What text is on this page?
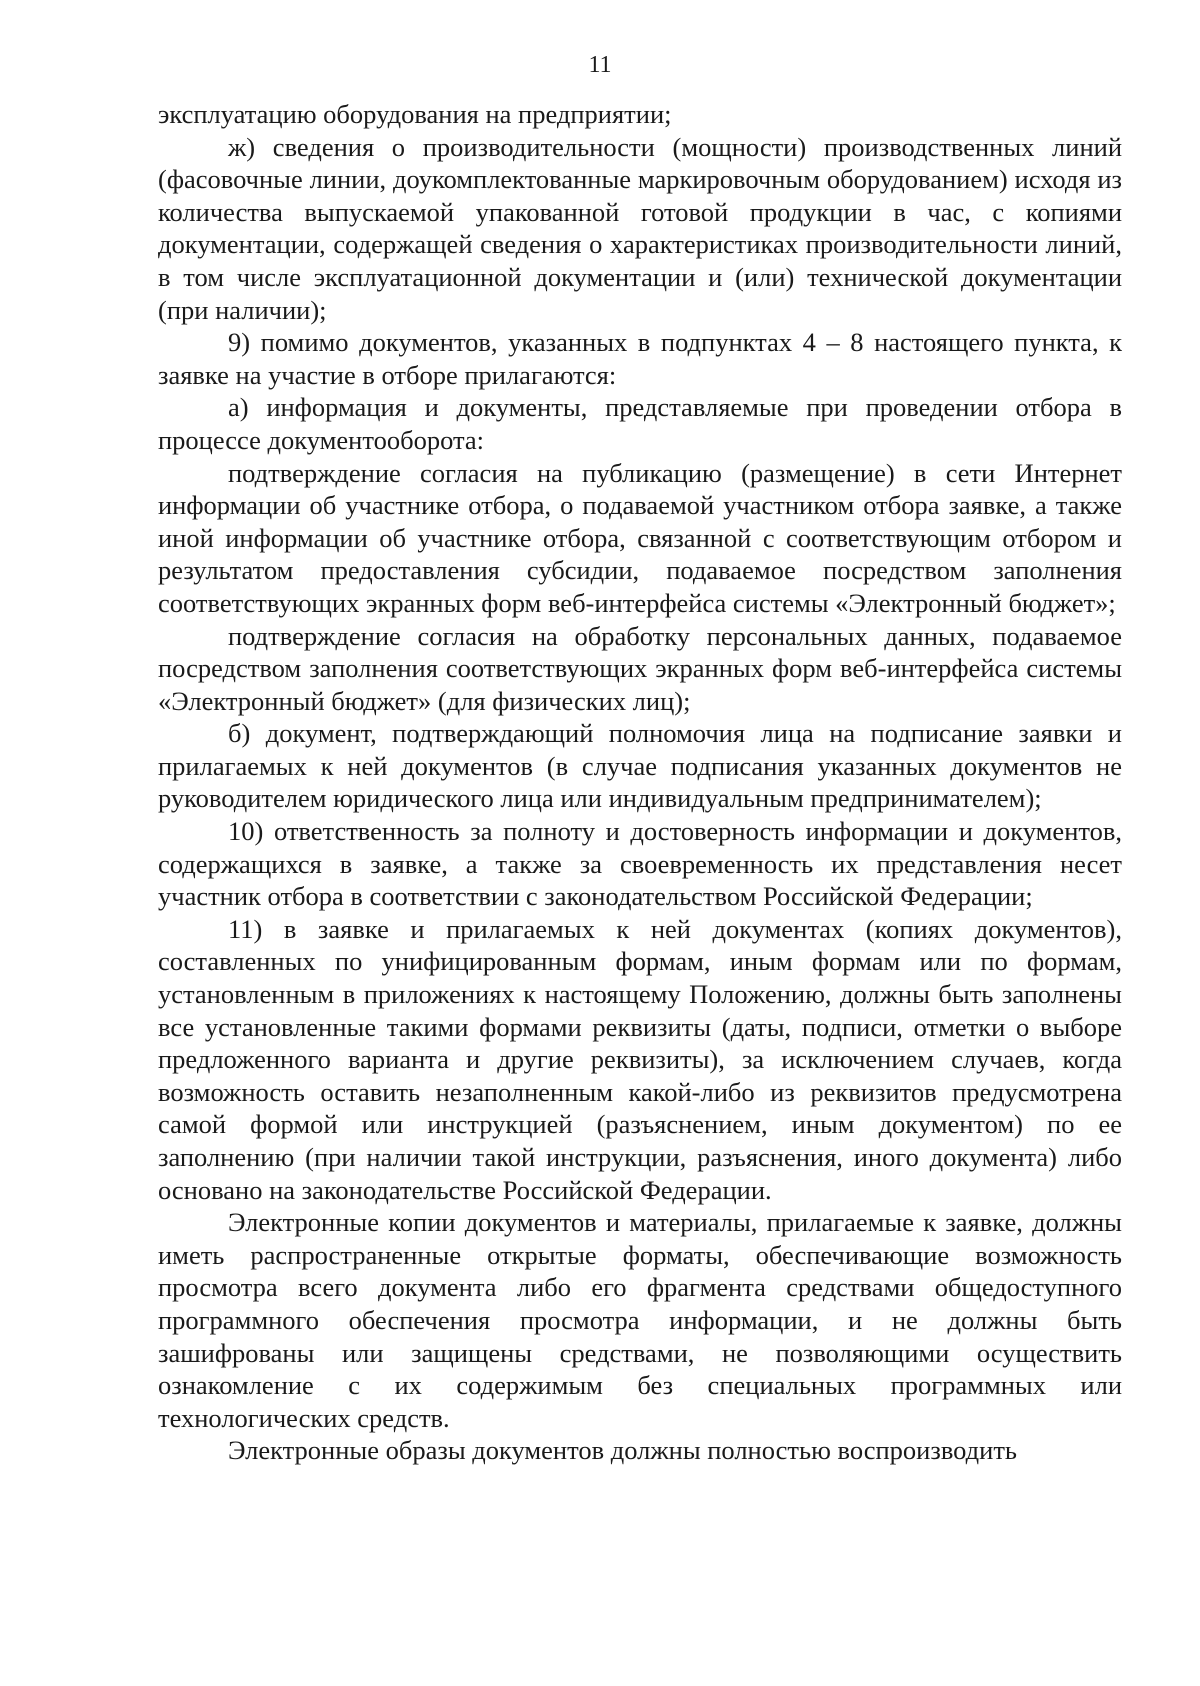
11

эксплуатацию оборудования на предприятии;

ж) сведения о производительности (мощности) производственных линий (фасовочные линии, доукомплектованные маркировочным оборудованием) исходя из количества выпускаемой упакованной готовой продукции в час, с копиями документации, содержащей сведения о характеристиках производительности линий, в том числе эксплуатационной документации и (или) технической документации (при наличии);

9) помимо документов, указанных в подпунктах 4 – 8 настоящего пункта, к заявке на участие в отборе прилагаются:

а) информация и документы, представляемые при проведении отбора в процессе документооборота:

подтверждение согласия на публикацию (размещение) в сети Интернет информации об участнике отбора, о подаваемой участником отбора заявке, а также иной информации об участнике отбора, связанной с соответствующим отбором и результатом предоставления субсидии, подаваемое посредством заполнения соответствующих экранных форм веб-интерфейса системы «Электронный бюджет»;

подтверждение согласия на обработку персональных данных, подаваемое посредством заполнения соответствующих экранных форм веб-интерфейса системы «Электронный бюджет» (для физических лиц);

б) документ, подтверждающий полномочия лица на подписание заявки и прилагаемых к ней документов (в случае подписания указанных документов не руководителем юридического лица или индивидуальным предпринимателем);

10) ответственность за полноту и достоверность информации и документов, содержащихся в заявке, а также за своевременность их представления несет участник отбора в соответствии с законодательством Российской Федерации;

11) в заявке и прилагаемых к ней документах (копиях документов), составленных по унифицированным формам, иным формам или по формам, установленным в приложениях к настоящему Положению, должны быть заполнены все установленные такими формами реквизиты (даты, подписи, отметки о выборе предложенного варианта и другие реквизиты), за исключением случаев, когда возможность оставить незаполненным какой-либо из реквизитов предусмотрена самой формой или инструкцией (разъяснением, иным документом) по ее заполнению (при наличии такой инструкции, разъяснения, иного документа) либо основано на законодательстве Российской Федерации.

Электронные копии документов и материалы, прилагаемые к заявке, должны иметь распространенные открытые форматы, обеспечивающие возможность просмотра всего документа либо его фрагмента средствами общедоступного программного обеспечения просмотра информации, и не должны быть зашифрованы или защищены средствами, не позволяющими осуществить ознакомление с их содержимым без специальных программных или технологических средств.

Электронные образы документов должны полностью воспроизводить
